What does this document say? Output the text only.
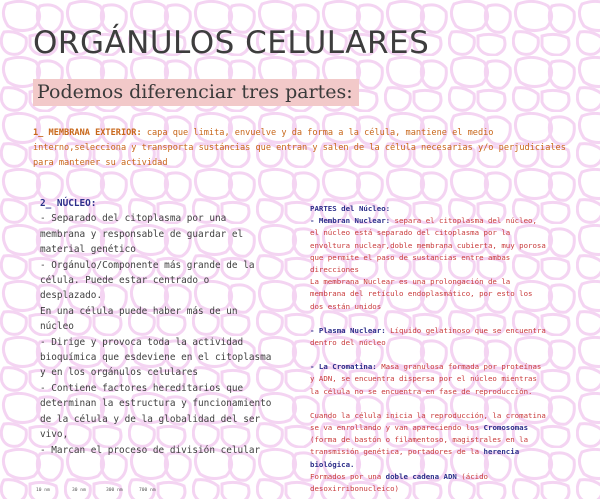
ORGÁNULOS CELULARES
Podemos diferenciar tres partes:
1_ MEMBRANA EXTERIOR: capa que limita, envuelve y da forma a la célula, mantiene el medio interno,selecciona y transporta sustáncias que entran y salen de la célula necesarias y/o perjudiciales para mantener su actividad

2_ NÚCLEO:

- Separado del citoplasma por una membrana y responsable de guardar el material genético

- Orgánulo/Componente más grande de la célula. Puede estar centrado o desplazado.

En una célula puede haber más de un núcleo

- Dirige y provoca toda la actividad bioquímica que esdeviene en el citoplasma y en los orgánulos celulares

- Contiene factores hereditarios que determinan la estructura y funcionamiento de la célula y de la globalidad del ser vivo,

- Marcan el proceso de división celular

PARTES del Núcleo:

- Membran Nuclear: separa el citoplasma del núcleo, el núcleo está separado del citoplasma por la envoltura nuclear,doble membrana cubierta, muy porosa que permite el paso de sustancias entre ambas direcciones

La membrana Nuclear es una prolongación de la membrana del retículo endoplasmático, por esto los dos están unidos

- Plasma Nuclear: Líquido gelatinoso que se encuentra dentro del núcleo

- La Cromatina: Masa granulosa formada por proteínas y ADN, se encuentra dispersa por el núcleo mientras la célula no se encuentra en fase de reproducción.

Cuando la célula inicia la reproducción, la cromatina se va enrollando y van apareciendo los Cromosomas (forma de bastón o filamentoso, magistrales en la transmisión genética, portadores de la herencia biológica.

Formados por una doble cadena ADN (ácido desoxirribonucleico)

10 nm	30 nm	300 nm	700 nm
